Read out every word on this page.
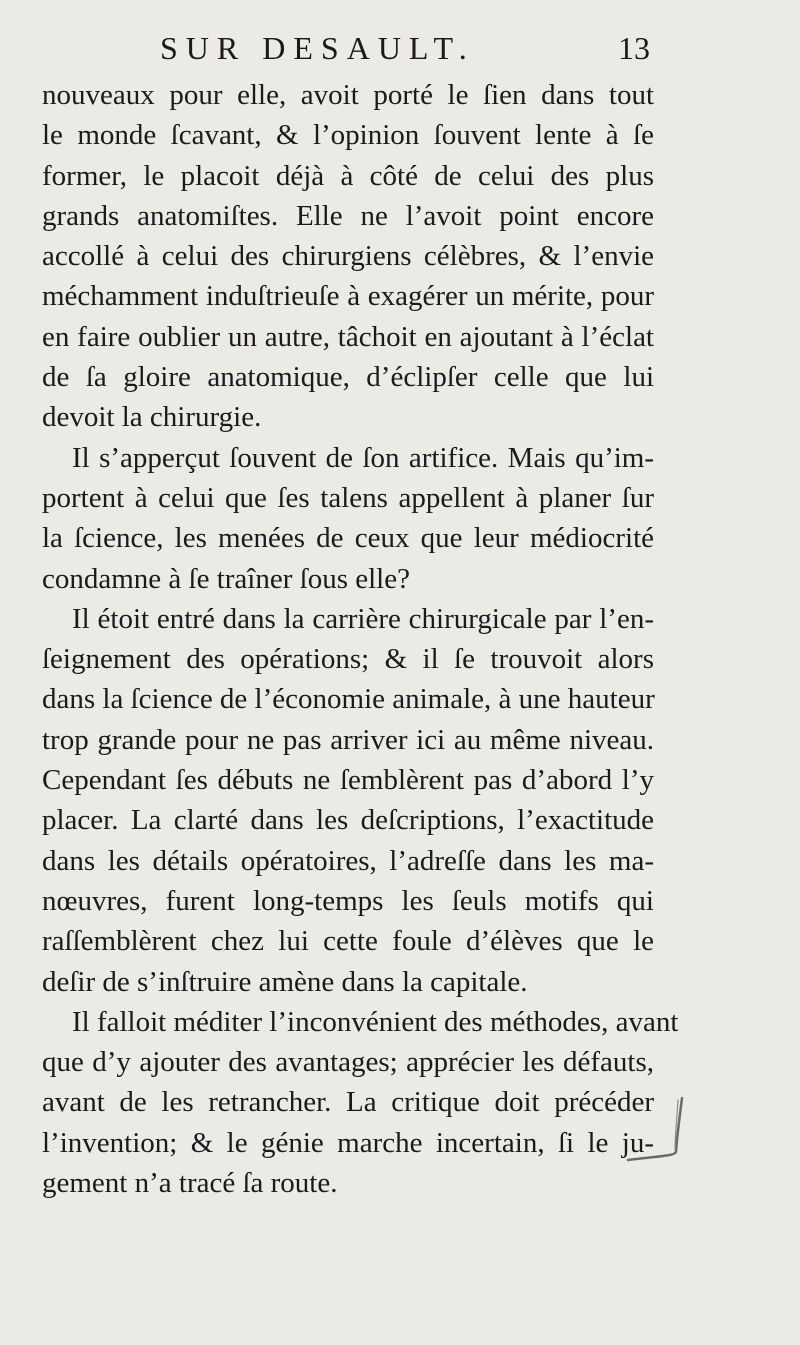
SUR DESAULT.	13
nouveaux pour elle, avoit porté le ſien dans tout
le monde ſcavant, & l’opinion ſouvent lente à ſe
former, le placoit déjà à côté de celui des plus
grands anatomiſtes. Elle ne l’avoit point encore
accollé à celui des chirurgiens célèbres, & l’envie
méchamment induſtrieuſe à exagérer un mérite, pour
en faire oublier un autre, tâchoit en ajoutant à l’éclat
de ſa gloire anatomique, d’éclipſer celle que lui
devoit la chirurgie.
Il s’apperçut ſouvent de ſon artifice. Mais qu’im-
portent à celui que ſes talens appellent à planer ſur
la ſcience, les menées de ceux que leur médiocrité
condamne à ſe traîner ſous elle?
Il étoit entré dans la carrière chirurgicale par l’en-
ſeignement des opérations; & il ſe trouvoit alors
dans la ſcience de l’économie animale, à une hauteur
trop grande pour ne pas arriver ici au même niveau.
Cependant ſes débuts ne ſemblèrent pas d’abord l’y
placer. La clarté dans les deſcriptions, l’exactitude
dans les détails opératoires, l’adreſſe dans les ma-
nœuvres, furent long-temps les ſeuls motifs qui
raſſemblèrent chez lui cette foule d’élèves que le
deſir de s’inſtruire amène dans la capitale.
Il falloit méditer l’inconvénient des méthodes, avant
que d’y ajouter des avantages; apprécier les défauts,
avant de les retrancher. La critique doit précéder
l’invention; & le génie marche incertain, ſi le ju-
gement n’a tracé ſa route.
